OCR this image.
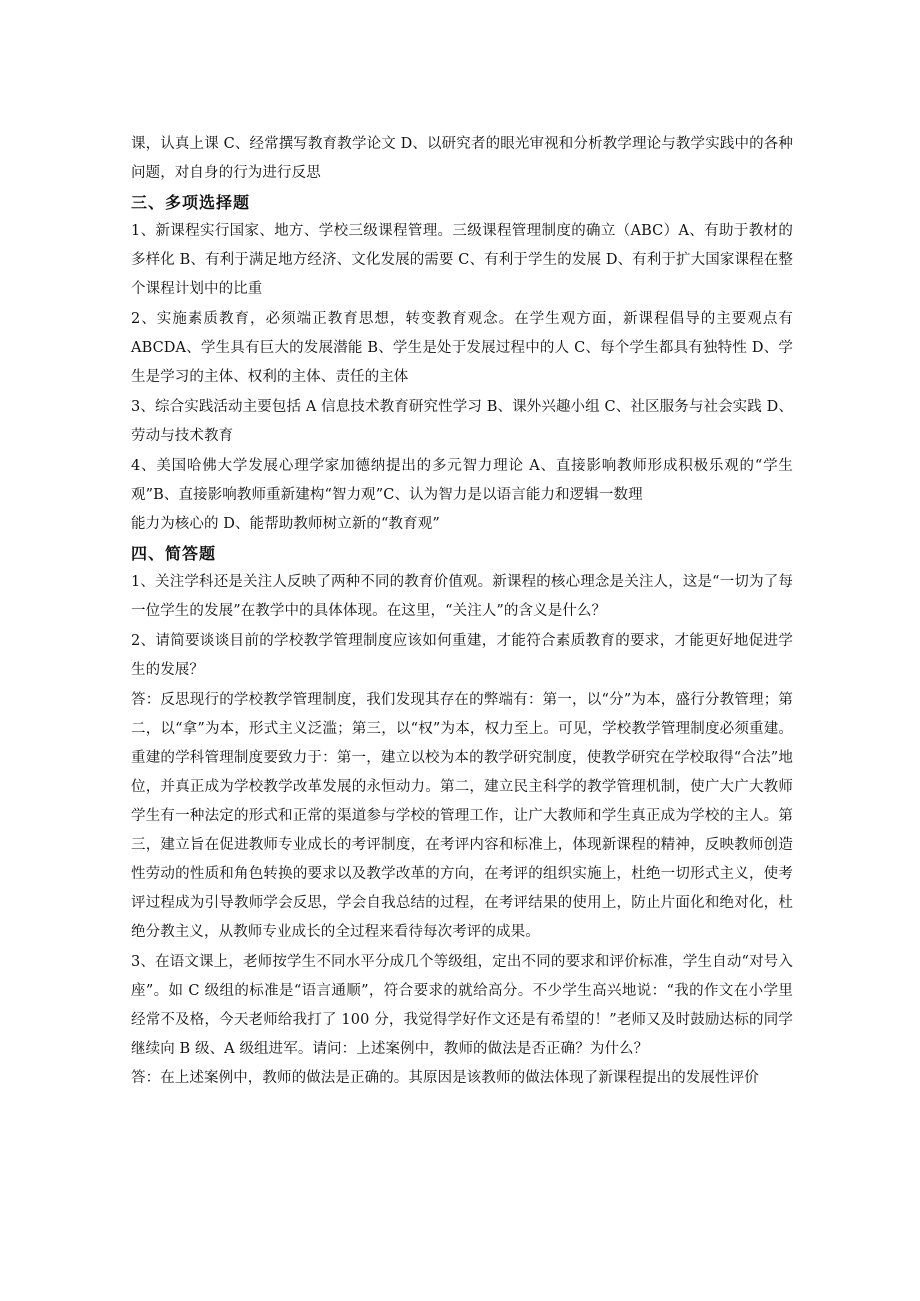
课，认真上课 C、经常撰写教育教学论文 D、以研究者的眼光审视和分析教学理论与教学实践中的各种问题，对自身的行为进行反思

三、多项选择题

1、新课程实行国家、地方、学校三级课程管理。三级课程管理制度的确立（ABC）A、有助于教材的多样化 B、有利于满足地方经济、文化发展的需要 C、有利于学生的发展 D、有利于扩大国家课程在整个课程计划中的比重

2、实施素质教育，必须端正教育思想，转变教育观念。在学生观方面，新课程倡导的主要观点有 ABCDA、学生具有巨大的发展潜能 B、学生是处于发展过程中的人 C、每个学生都具有独特性 D、学生是学习的主体、权利的主体、责任的主体

3、综合实践活动主要包括 A 信息技术教育研究性学习 B、课外兴趣小组 C、社区服务与社会实践 D、劳动与技术教育

4、美国哈佛大学发展心理学家加德纳提出的多元智力理论 A、直接影响教师形成积极乐观的“学生观”B、直接影响教师重新建构“智力观”C、认为智力是以语言能力和逻辑一数理

能力为核心的 D、能帮助教师树立新的“教育观”

四、简答题

1、关注学科还是关注人反映了两种不同的教育价值观。新课程的核心理念是关注人，这是“一切为了每一位学生的发展”在教学中的具体体现。在这里，“关注人”的含义是什么？

2、请简要谈谈目前的学校教学管理制度应该如何重建，才能符合素质教育的要求，才能更好地促进学生的发展？

答：反思现行的学校教学管理制度，我们发现其存在的弊端有：第一，以“分”为本，盛行分教管理；第二，以“拿”为本，形式主义泛滥；第三，以“权”为本，权力至上。可见，学校教学管理制度必须重建。重建的学科管理制度要致力于：第一，建立以校为本的教学研究制度，使教学研究在学校取得“合法”地位，并真正成为学校教学改革发展的永恒动力。第二，建立民主科学的教学管理机制，使广大广大教师学生有一种法定的形式和正常的渠道参与学校的管理工作，让广大教师和学生真正成为学校的主人。第三，建立旨在促进教师专业成长的考评制度，在考评内容和标准上，体现新课程的精神，反映教师创造性劳动的性质和角色转换的要求以及教学改革的方向，在考评的组织实施上，杜绝一切形式主义，使考评过程成为引导教师学会反思，学会自我总结的过程，在考评结果的使用上，防止片面化和绝对化，杜绝分教主义，从教师专业成长的全过程来看待每次考评的成果。

3、在语文课上，老师按学生不同水平分成几个等级组，定出不同的要求和评价标准，学生自动“对号入座”。如 C 级组的标准是“语言通顺”，符合要求的就给高分。不少学生高兴地说：“我的作文在小学里经常不及格，今天老师给我打了 100 分，我觉得学好作文还是有希望的！”老师又及时鼓励达标的同学继续向 B 级、A 级组进军。请问：上述案例中，教师的做法是否正确？为什么？

答：在上述案例中，教师的做法是正确的。其原因是该教师的做法体现了新课程提出的发展性评价
